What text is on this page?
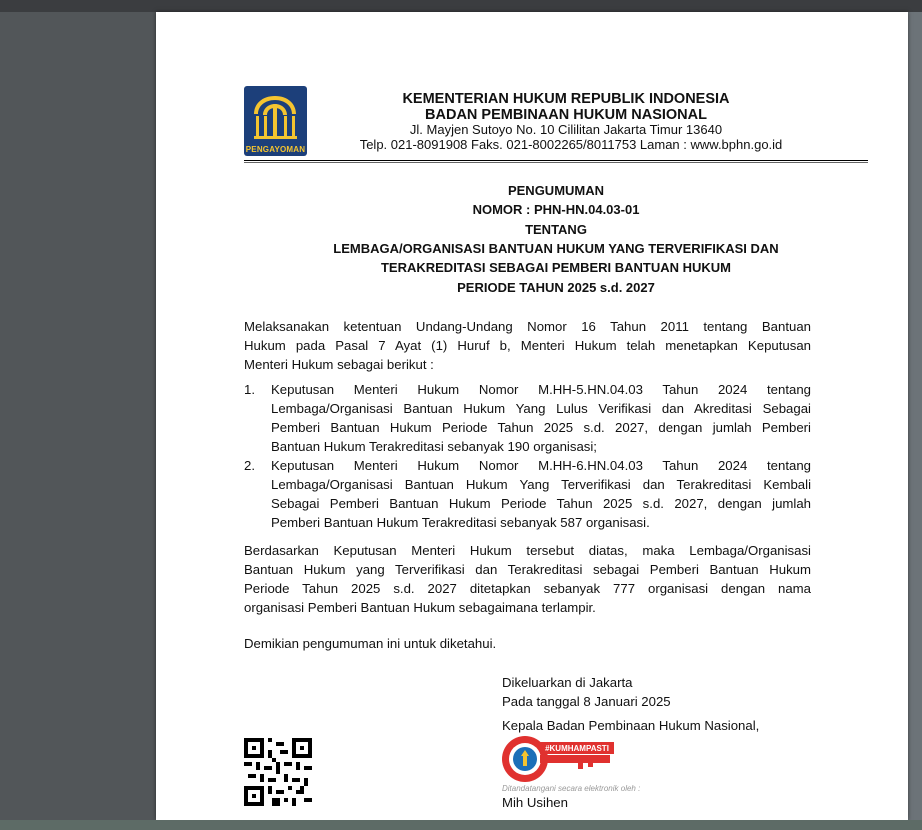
PENGAYOMAN
KEMENTERIAN HUKUM REPUBLIK INDONESIA
BADAN PEMBINAAN HUKUM NASIONAL
Jl. Mayjen Sutoyo No. 10 Cililitan Jakarta Timur 13640
Telp. 021-8091908 Faks. 021-8002265/8011753 Laman : www.bphn.go.id
PENGUMUMAN
NOMOR : PHN-HN.04.03-01
TENTANG
LEMBAGA/ORGANISASI BANTUAN HUKUM YANG TERVERIFIKASI DAN
TERAKREDITASI SEBAGAI PEMBERI BANTUAN HUKUM
PERIODE TAHUN 2025 s.d. 2027
Melaksanakan ketentuan Undang-Undang Nomor 16 Tahun 2011 tentang Bantuan
Hukum pada Pasal 7 Ayat (1) Huruf b, Menteri Hukum telah menetapkan Keputusan
Menteri Hukum sebagai berikut :
1. Keputusan Menteri Hukum Nomor M.HH-5.HN.04.03 Tahun 2024 tentang
Lembaga/Organisasi Bantuan Hukum Yang Lulus Verifikasi dan Akreditasi Sebagai
Pemberi Bantuan Hukum Periode Tahun 2025 s.d. 2027, dengan jumlah Pemberi
Bantuan Hukum Terakreditasi sebanyak 190 organisasi;
2. Keputusan Menteri Hukum Nomor M.HH-6.HN.04.03 Tahun 2024 tentang
Lembaga/Organisasi Bantuan Hukum Yang Terverifikasi dan Terakreditasi Kembali
Sebagai Pemberi Bantuan Hukum Periode Tahun 2025 s.d. 2027, dengan jumlah
Pemberi Bantuan Hukum Terakreditasi sebanyak 587 organisasi.
Berdasarkan Keputusan Menteri Hukum tersebut diatas, maka Lembaga/Organisasi
Bantuan Hukum yang Terverifikasi dan Terakreditasi sebagai Pemberi Bantuan Hukum
Periode Tahun 2025 s.d. 2027 ditetapkan sebanyak 777 organisasi dengan nama
organisasi Pemberi Bantuan Hukum sebagaimana terlampir.
Demikian pengumuman ini untuk diketahui.
Dikeluarkan di Jakarta
Pada tanggal 8 Januari 2025
Kepala Badan Pembinaan Hukum Nasional,
#KUMHAMPASTI
Ditandatangani secara elektronik oleh :
Mih Usihen
